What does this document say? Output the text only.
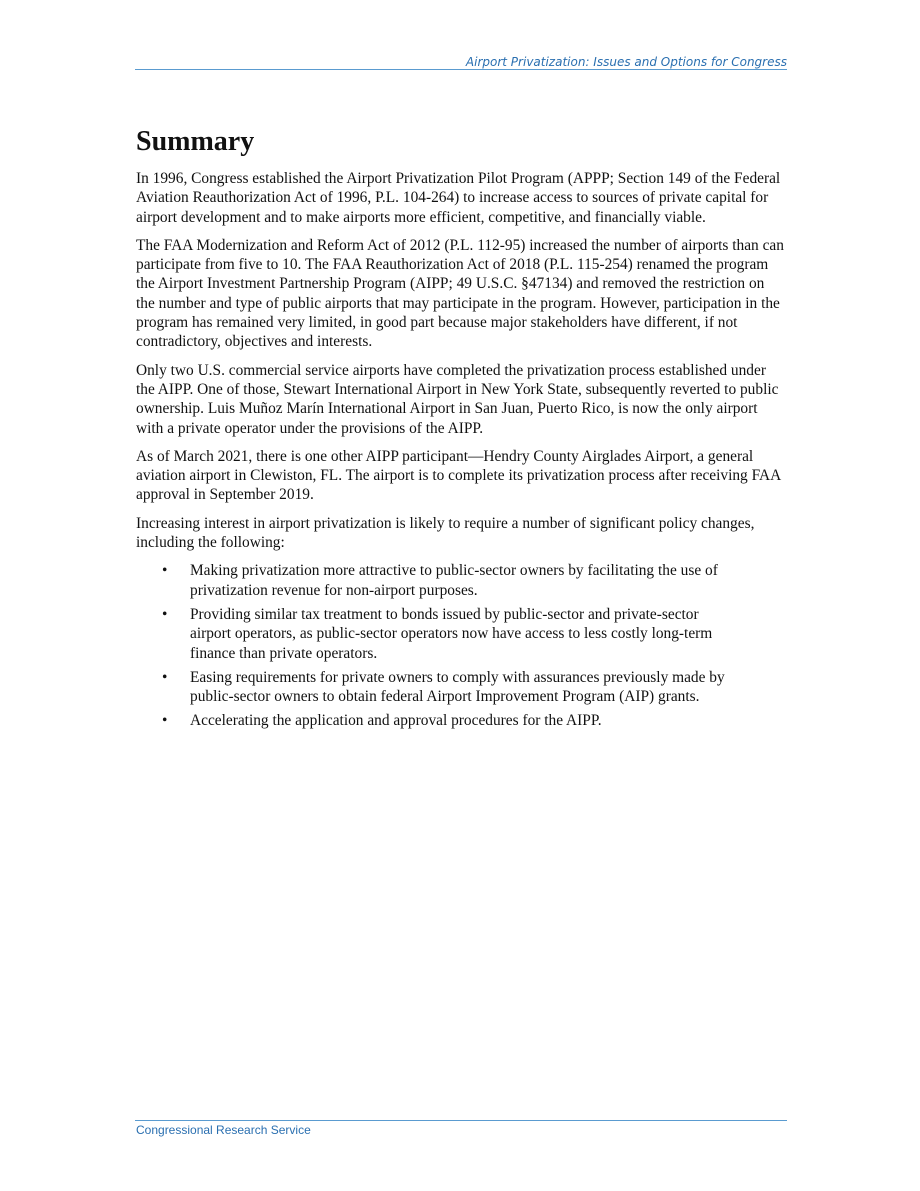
Airport Privatization: Issues and Options for Congress
Summary

In 1996, Congress established the Airport Privatization Pilot Program (APPP; Section 149 of the Federal Aviation Reauthorization Act of 1996, P.L. 104-264) to increase access to sources of private capital for airport development and to make airports more efficient, competitive, and financially viable.

The FAA Modernization and Reform Act of 2012 (P.L. 112-95) increased the number of airports than can participate from five to 10. The FAA Reauthorization Act of 2018 (P.L. 115-254) renamed the program the Airport Investment Partnership Program (AIPP; 49 U.S.C. §47134) and removed the restriction on the number and type of public airports that may participate in the program. However, participation in the program has remained very limited, in good part because major stakeholders have different, if not contradictory, objectives and interests.

Only two U.S. commercial service airports have completed the privatization process established under the AIPP. One of those, Stewart International Airport in New York State, subsequently reverted to public ownership. Luis Muñoz Marín International Airport in San Juan, Puerto Rico, is now the only airport with a private operator under the provisions of the AIPP.

As of March 2021, there is one other AIPP participant—Hendry County Airglades Airport, a general aviation airport in Clewiston, FL. The airport is to complete its privatization process after receiving FAA approval in September 2019.

Increasing interest in airport privatization is likely to require a number of significant policy changes, including the following:

• Making privatization more attractive to public-sector owners by facilitating the use of privatization revenue for non-airport purposes.
• Providing similar tax treatment to bonds issued by public-sector and private-sector airport operators, as public-sector operators now have access to less costly long-term finance than private operators.
• Easing requirements for private owners to comply with assurances previously made by public-sector owners to obtain federal Airport Improvement Program (AIP) grants.
• Accelerating the application and approval procedures for the AIPP.
Congressional Research Service
